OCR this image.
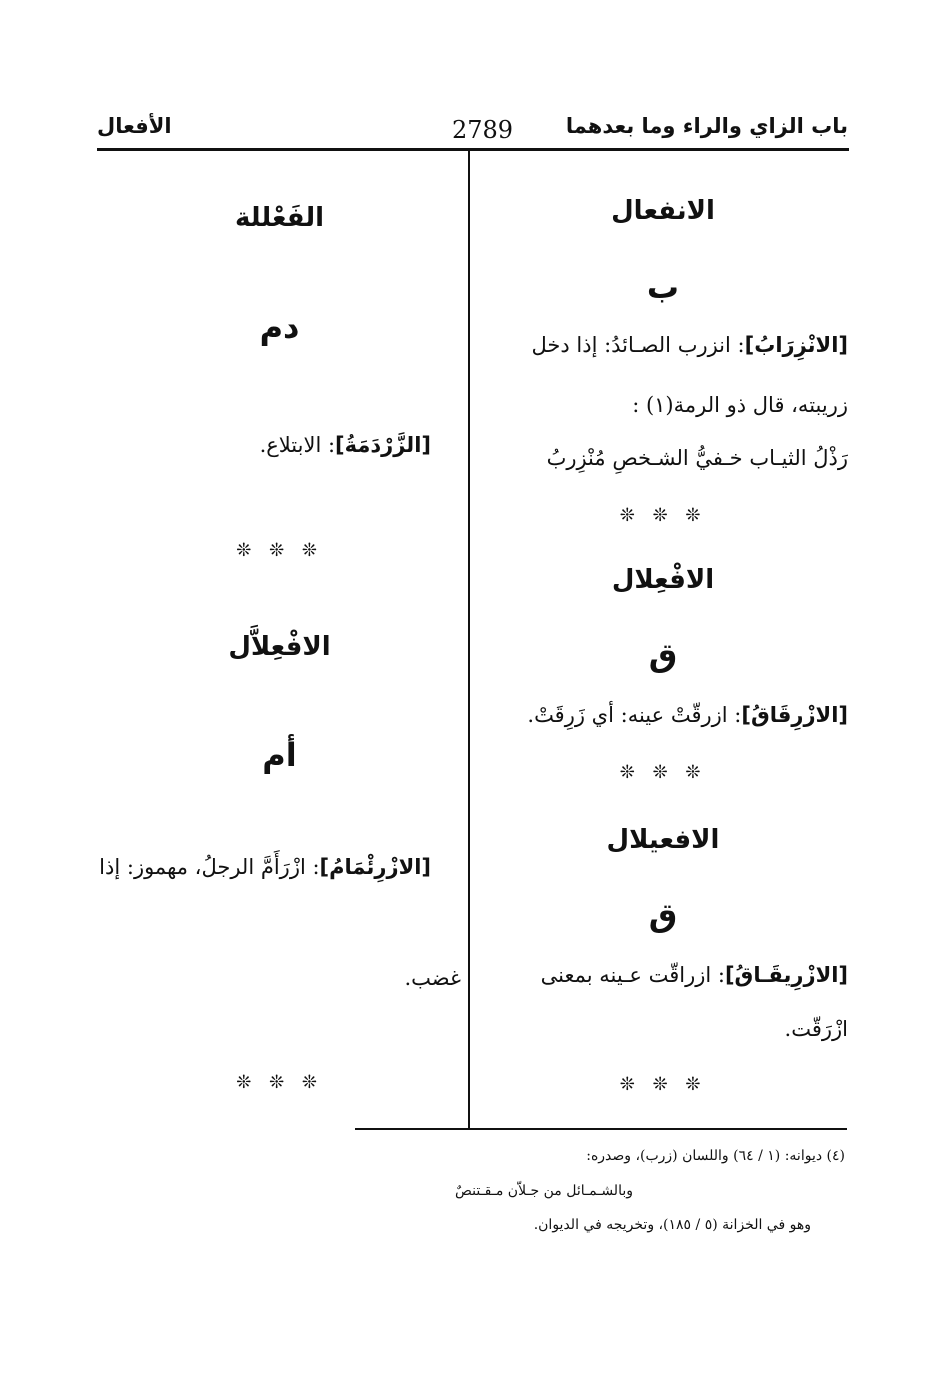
باب الزاي والراء وما بعدهما
2789
الأفعال
الانفعال
ب
[الانْزِرَابُ]: انزرب الصـائدُ: إذا دخل
زريبته، قال ذو الرمة(١) :
رَذْلُ الثيـاب خـفيُّ الشـخصِ مُنْزِربُ
❊ ❊ ❊
الافْعِلال
ق
[الازْرِقَاقُ]: ازرقّتْ عينه: أي زَرِقَتْ.
❊ ❊ ❊
الافعيلال
ق
[الازْرِيقَـاقُ]: ازراقّت عـينه بمعنى
ازْرَقّت.
❊ ❊ ❊
الفَعْللة
دم
[الزَّرْدَمَةُ]: الابتلاع.
❊ ❊ ❊
الافْعِلاَّل
أم
[الازْرِئْمَامُ]: ازْرَأَمَّ الرجلُ، مهموز: إذا
غضب.
❊ ❊ ❊
(٤) ديوانه: (١ / ٦٤) واللسان (زرب)، وصدره:
وبالشـمـائل من جـلاّن مـقـتنصٌ
وهو في الخزانة (٥ / ١٨٥)، وتخريجه في الديوان.
